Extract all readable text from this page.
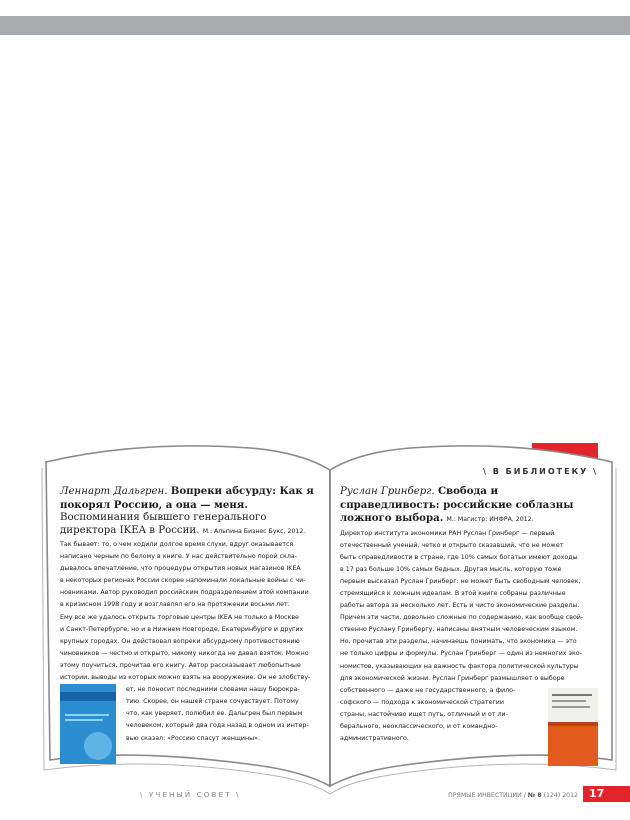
\ В БИБЛИОТЕКУ \
Леннарт Дальгрен. Вопреки абсурду: Как я покорял Россию, а она — меня. Воспоминания бывшего генерального директора IKEA в России. М.: Альпина Бизнес Букс, 2012.

Так бывает: то, о чем ходили долгое время слухи, вдруг оказывается

написано черным по белому в книге. У нас действительно порой скла-

дывалось впечатление, что процедуры открытия новых магазинов IKEA

в некоторых регионах России скорее напоминали локальные войны с чи-

новниками. Автор руководил российским подразделением этой компании

в кризисном 1998 году и возглавлял его на протяжении восьми лет.

Ему все же удалось открыть торговые центры IKEA не только в Москве

и Санкт-Петербурге, но и в Нижнем Новгороде, Екатеринбурге и других

крупных городах. Он действовал вопреки абсурдному противостоянию

чиновников — честно и открыто, никому никогда не давал взяток. Можно

этому поучиться, прочитав его книгу. Автор рассказывает любопытные

истории, выводы из которых можно взять на вооружение. Он не злобству-

ет, не поносит последними словами нашу бюрокра-

тию. Скорее, он нашей стране сочувствует. Потому

что, как уверяет, полюбил ее. Дальгрен был первым

человеком, который два года назад в одном из интер-

вью сказал: «Россию спасут женщины».

Руслан Гринберг. Свобода и справедливость: российские соблазны ложного выбора. М.: Магистр: ИНФРА, 2012.

Директор института экономики РАН Руслан Гринберг — первый

отечественный ученый, четко и открыто сказавший, что не может

быть справедливости в стране, где 10% самых богатых имеют доходы

в 17 раз больше 10% самых бедных. Другая мысль, которую тоже

первым высказал Руслан Гринберг: не может быть свободным человек,

стремящийся к ложным идеалам. В этой книге собраны различные

работы автора за несколько лет. Есть и чисто экономические разделы.

Причем эти части, довольно сложные по содержанию, как вообще свой-

ственно Руслану Гринбергу, написаны внятным человеческим языком.

Но, прочитав эти разделы, начинаешь понимать, что экономика — это

не только цифры и формулы. Руслан Гринберг — один из немногих эко-

номистов, указывающих на важность фактора политической культуры

для экономической жизни. Руслан Гринберг размышляет о выборе

собственного — даже не государственного, а фило-

софского — подхода к экономической стратегии

страны, настойчиво ищет путь, отличный и от ли-

берального, неоклассического, и от командно-

административного.

\ УЧЕНЫЙ СОВЕТ \	ПРЯМЫЕ ИНВЕСТИЦИИ / № 8 (124) 2012	17
